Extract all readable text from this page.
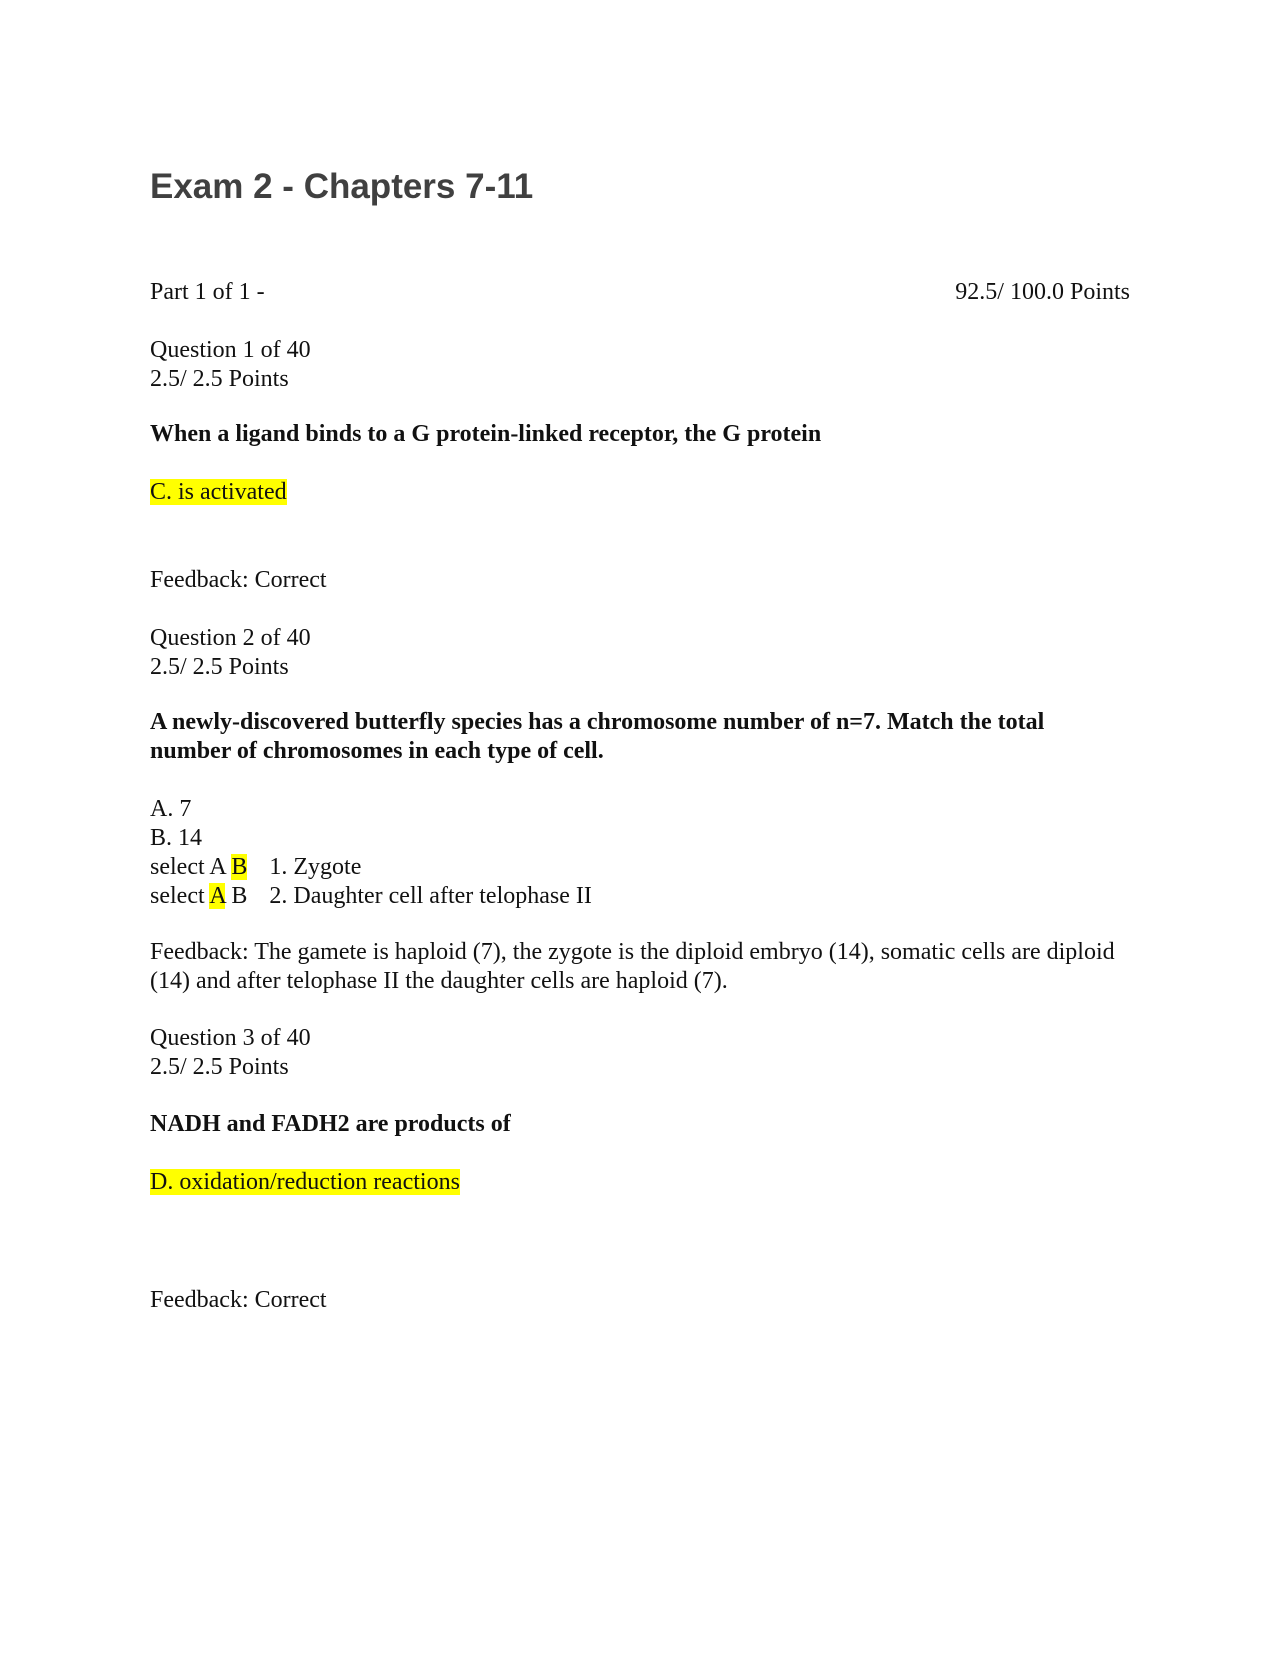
Exam 2 - Chapters 7-11
Part 1 of 1 -	92.5/ 100.0 Points
Question 1 of 40
2.5/ 2.5 Points
When a ligand binds to a G protein-linked receptor, the G protein
C. is activated
Feedback: Correct
Question 2 of 40
2.5/ 2.5 Points
A newly-discovered butterfly species has a chromosome number of n=7. Match the total number of chromosomes in each type of cell.
A. 7
B. 14
select A B 1. Zygote
select A B 2. Daughter cell after telophase II
Feedback: The gamete is haploid (7), the zygote is the diploid embryo (14), somatic cells are diploid (14) and after telophase II the daughter cells are haploid (7).
Question 3 of 40
2.5/ 2.5 Points
NADH and FADH2 are products of
D. oxidation/reduction reactions
Feedback: Correct
